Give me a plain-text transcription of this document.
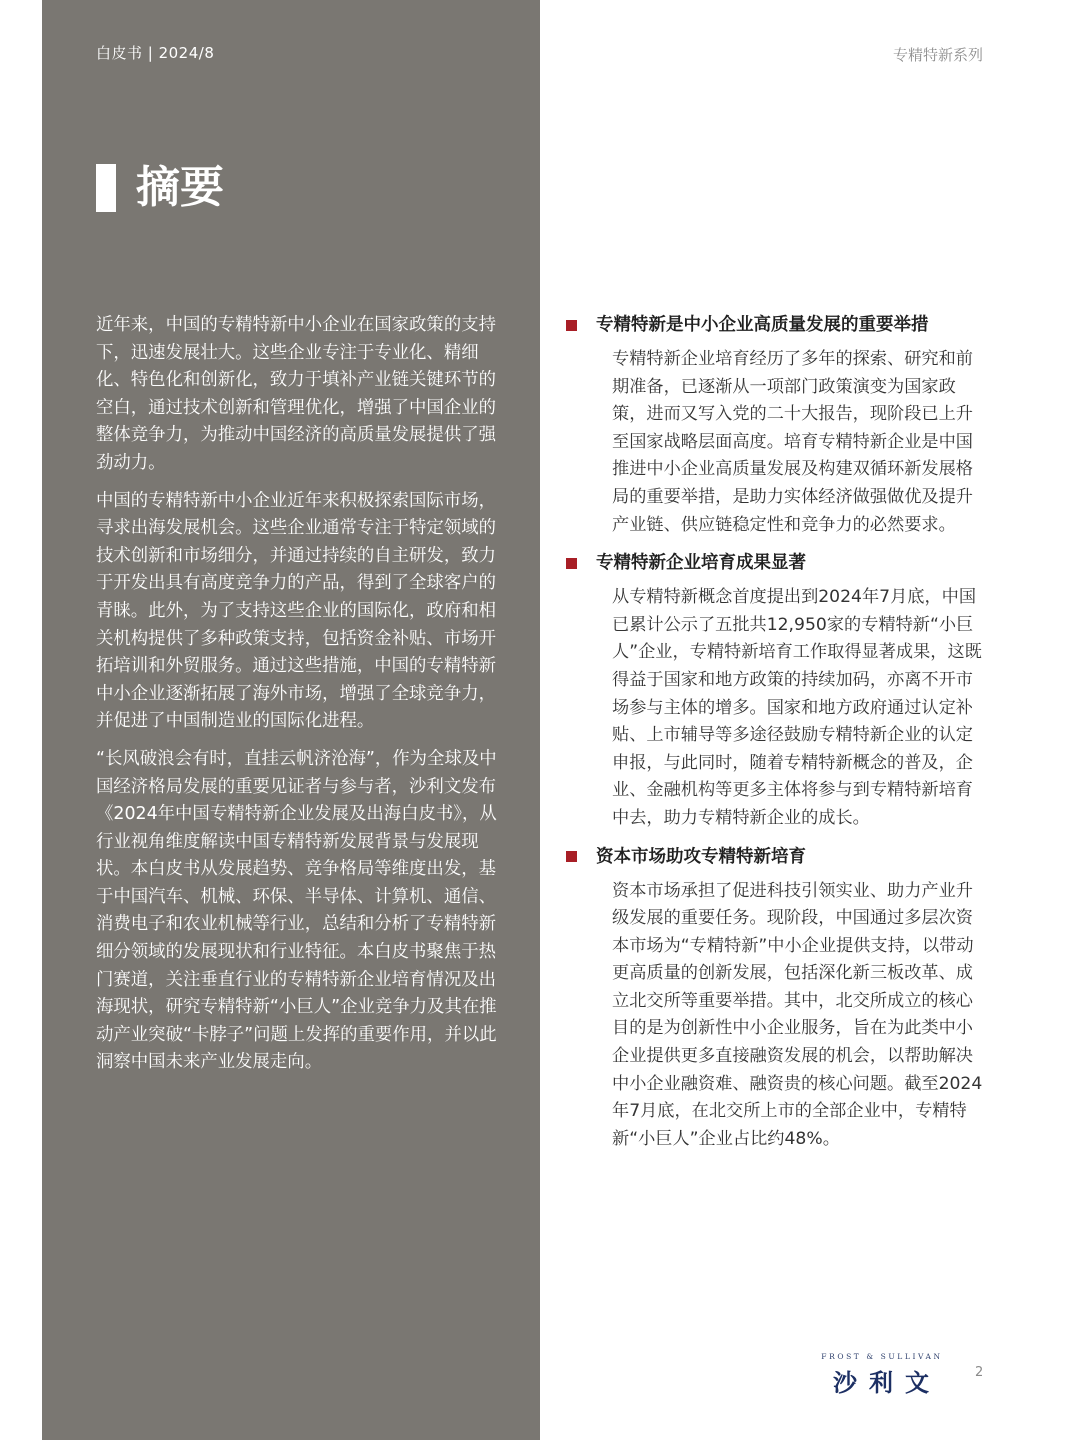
白皮书 | 2024/8	专精特新系列
摘要

近年来，中国的专精特新中小企业在国家政策的支持下，迅速发展壮大。这些企业专注于专业化、精细化、特色化和创新化，致力于填补产业链关键环节的空白，通过技术创新和管理优化，增强了中国企业的整体竞争力，为推动中国经济的高质量发展提供了强劲动力。

中国的专精特新中小企业近年来积极探索国际市场，寻求出海发展机会。这些企业通常专注于特定领域的技术创新和市场细分，并通过持续的自主研发，致力于开发出具有高度竞争力的产品，得到了全球客户的青睐。此外，为了支持这些企业的国际化，政府和相关机构提供了多种政策支持，包括资金补贴、市场开拓培训和外贸服务。通过这些措施，中国的专精特新中小企业逐渐拓展了海外市场，增强了全球竞争力，并促进了中国制造业的国际化进程。

“长风破浪会有时，直挂云帆济沧海”，作为全球及中国经济格局发展的重要见证者与参与者，沙利文发布《2024年中国专精特新企业发展及出海白皮书》，从行业视角维度解读中国专精特新发展背景与发展现状。本白皮书从发展趋势、竞争格局等维度出发，基于中国汽车、机械、环保、半导体、计算机、通信、消费电子和农业机械等行业，总结和分析了专精特新细分领域的发展现状和行业特征。本白皮书聚焦于热门赛道，关注垂直行业的专精特新企业培育情况及出海现状，研究专精特新“小巨人”企业竞争力及其在推动产业突破“卡脖子”问题上发挥的重要作用，并以此洞察中国未来产业发展走向。

专精特新是中小企业高质量发展的重要举措
专精特新企业培育经历了多年的探索、研究和前期准备，已逐渐从一项部门政策演变为国家政策，进而又写入党的二十大报告，现阶段已上升至国家战略层面高度。培育专精特新企业是中国推进中小企业高质量发展及构建双循环新发展格局的重要举措，是助力实体经济做强做优及提升产业链、供应链稳定性和竞争力的必然要求。
专精特新企业培育成果显著
从专精特新概念首度提出到2024年7月底，中国已累计公示了五批共12,950家的专精特新“小巨人”企业，专精特新培育工作取得显著成果，这既得益于国家和地方政策的持续加码，亦离不开市场参与主体的增多。国家和地方政府通过认定补贴、上市辅导等多途径鼓励专精特新企业的认定申报，与此同时，随着专精特新概念的普及，企业、金融机构等更多主体将参与到专精特新培育中去，助力专精特新企业的成长。
资本市场助攻专精特新培育
资本市场承担了促进科技引领实业、助力产业升级发展的重要任务。现阶段，中国通过多层次资本市场为“专精特新”中小企业提供支持，以带动更高质量的创新发展，包括深化新三板改革、成立北交所等重要举措。其中，北交所成立的核心目的是为创新性中小企业服务，旨在为此类中小企业提供更多直接融资发展的机会，以帮助解决中小企业融资难、融资贵的核心问题。截至2024年7月底，在北交所上市的全部企业中，专精特新“小巨人”企业占比约48%。
FROST & SULLIVAN
沙利文	2
